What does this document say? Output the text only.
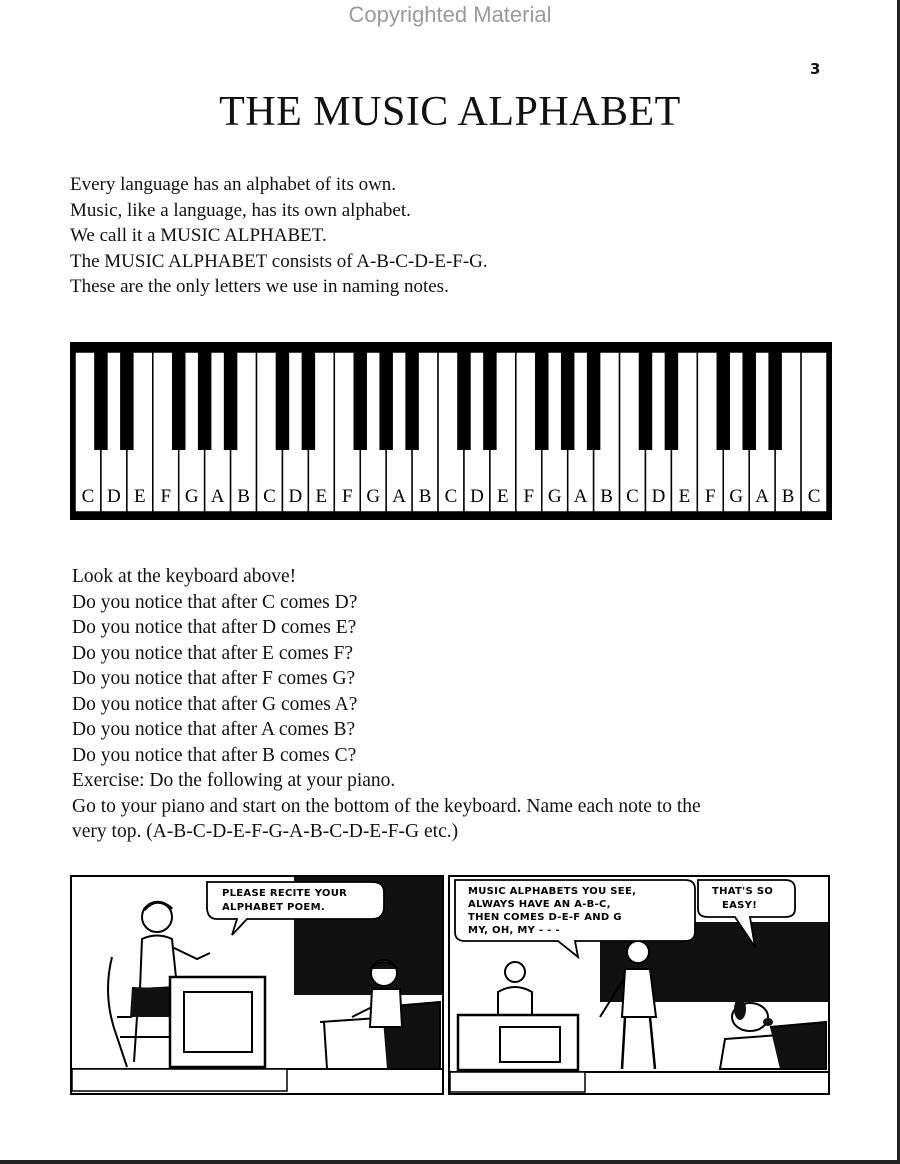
Copyrighted Material
3
THE MUSIC ALPHABET
Every language has an alphabet of its own.
Music, like a language, has its own alphabet.
We call it a MUSIC ALPHABET.
The MUSIC ALPHABET consists of A-B-C-D-E-F-G.
These are the only letters we use in naming notes.
C D E F G A B C D E F G A B C D E F G A B C D E F G A B C
Look at the keyboard above!
Do you notice that after C comes D?
Do you notice that after D comes E?
Do you notice that after E comes F?
Do you notice that after F comes G?
Do you notice that after G comes A?
Do you notice that after A comes B?
Do you notice that after B comes C?
Exercise: Do the following at your piano.
Go to your piano and start on the bottom of the keyboard. Name each note to the
very top. (A-B-C-D-E-F-G-A-B-C-D-E-F-G etc.)
PLEASE RECITE YOUR
ALPHABET POEM.
MUSIC ALPHABETS YOU SEE,
ALWAYS HAVE AN A-B-C,
THEN COMES D-E-F AND G
MY, OH, MY - - -
THAT'S SO
EASY!
